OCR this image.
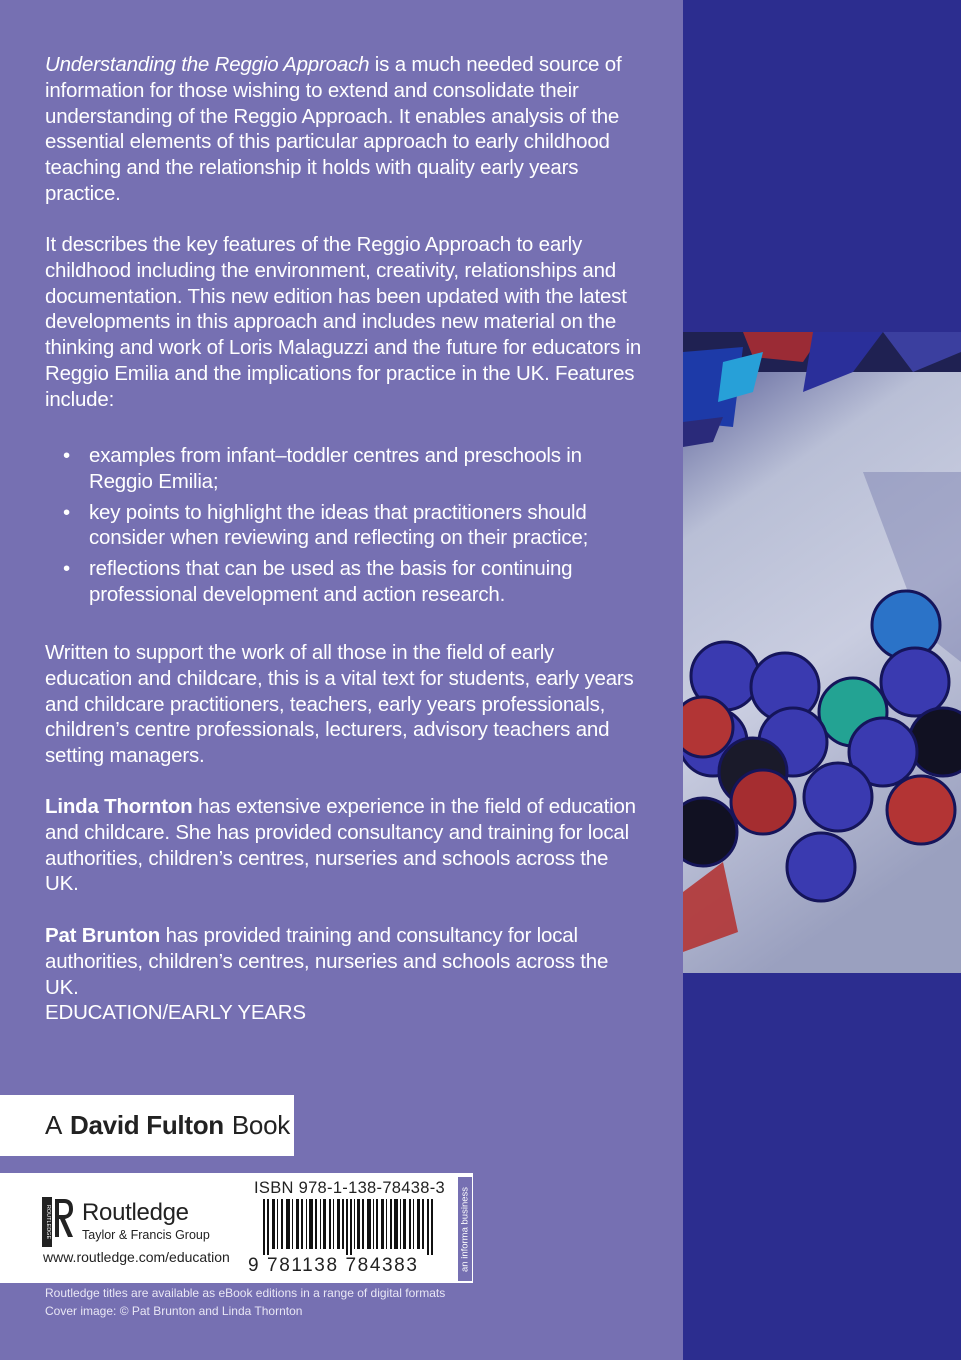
Understanding the Reggio Approach is a much needed source of information for those wishing to extend and consolidate their understanding of the Reggio Approach. It enables analysis of the essential elements of this particular approach to early childhood teaching and the relationship it holds with quality early years practice.

It describes the key features of the Reggio Approach to early childhood including the environment, creativity, relationships and documentation. This new edition has been updated with the latest developments in this approach and includes new material on the thinking and work of Loris Malaguzzi and the future for educators in Reggio Emilia and the implications for practice in the UK. Features include:

• examples from infant–toddler centres and preschools in Reggio Emilia;
• key points to highlight the ideas that practitioners should consider when reviewing and reflecting on their practice;
• reflections that can be used as the basis for continuing professional development and action research.

Written to support the work of all those in the field of early education and childcare, this is a vital text for students, early years and childcare practitioners, teachers, early years professionals, children’s centre professionals, lecturers, advisory teachers and setting managers.

Linda Thornton has extensive experience in the field of education and childcare. She has provided consultancy and training for local authorities, children’s centres, nurseries and schools across the UK.

Pat Brunton has provided training and consultancy for local authorities, children’s centres, nurseries and schools across the UK.

EDUCATION/EARLY YEARS

A David Fulton Book
ROUTLEDGE Routledge
Taylor & Francis Group
www.routledge.com/education
ISBN 978-1-138-78438-3
9 781138 784383	an informa business
Routledge titles are available as eBook editions in a range of digital formats
Cover image: © Pat Brunton and Linda Thornton
